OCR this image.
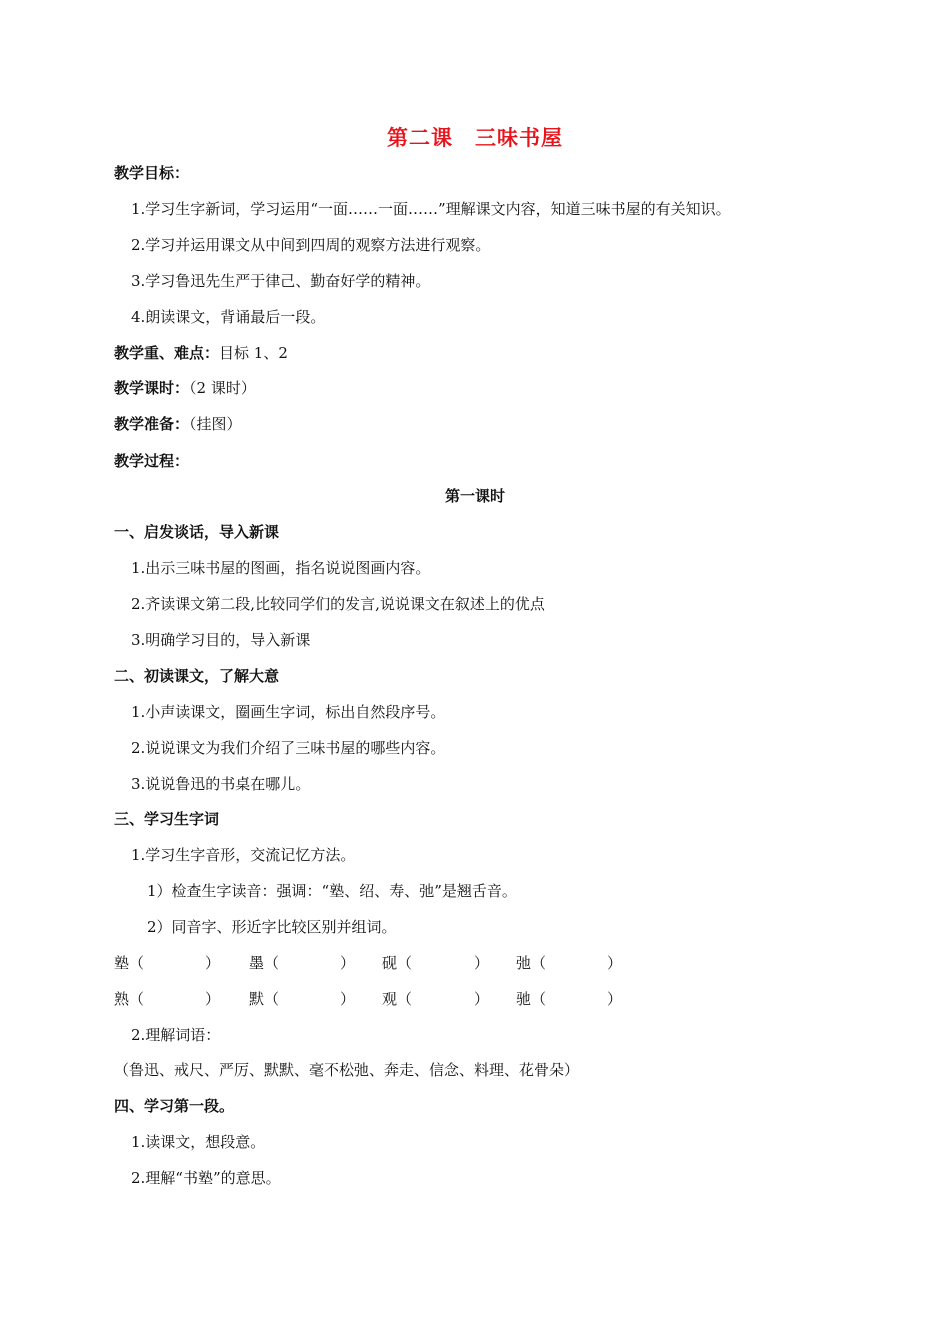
第二课 三味书屋
教学目标：
1.学习生字新词，学习运用“一面……一面……”理解课文内容，知道三味书屋的有关知识。
2.学习并运用课文从中间到四周的观察方法进行观察。
3.学习鲁迅先生严于律己、勤奋好学的精神。
4.朗读课文，背诵最后一段。
教学重、难点：目标 1、2
教学课时：（2 课时）
教学准备：（挂图）
教学过程：
第一课时
一、启发谈话，导入新课
1.出示三味书屋的图画，指名说说图画内容。
2.齐读课文第二段,比较同学们的发言,说说课文在叙述上的优点
3.明确学习目的，导入新课
二、初读课文，了解大意
1.小声读课文，圈画生字词，标出自然段序号。
2.说说课文为我们介绍了三味书屋的哪些内容。
3.说说鲁迅的书桌在哪儿。
三、学习生字词
1.学习生字音形，交流记忆方法。
1）检查生字读音：强调：“塾、绍、寿、弛”是翘舌音。
2）同音字、形近字比较区别并组词。
塾（	） 墨（	） 砚（	） 弛（	）
熟（	） 默（	） 观（	） 驰（	）
2.理解词语：
（鲁迅、戒尺、严厉、默默、毫不松弛、奔走、信念、料理、花骨朵）
四、学习第一段。
1.读课文，想段意。
2.理解“书塾”的意思。
